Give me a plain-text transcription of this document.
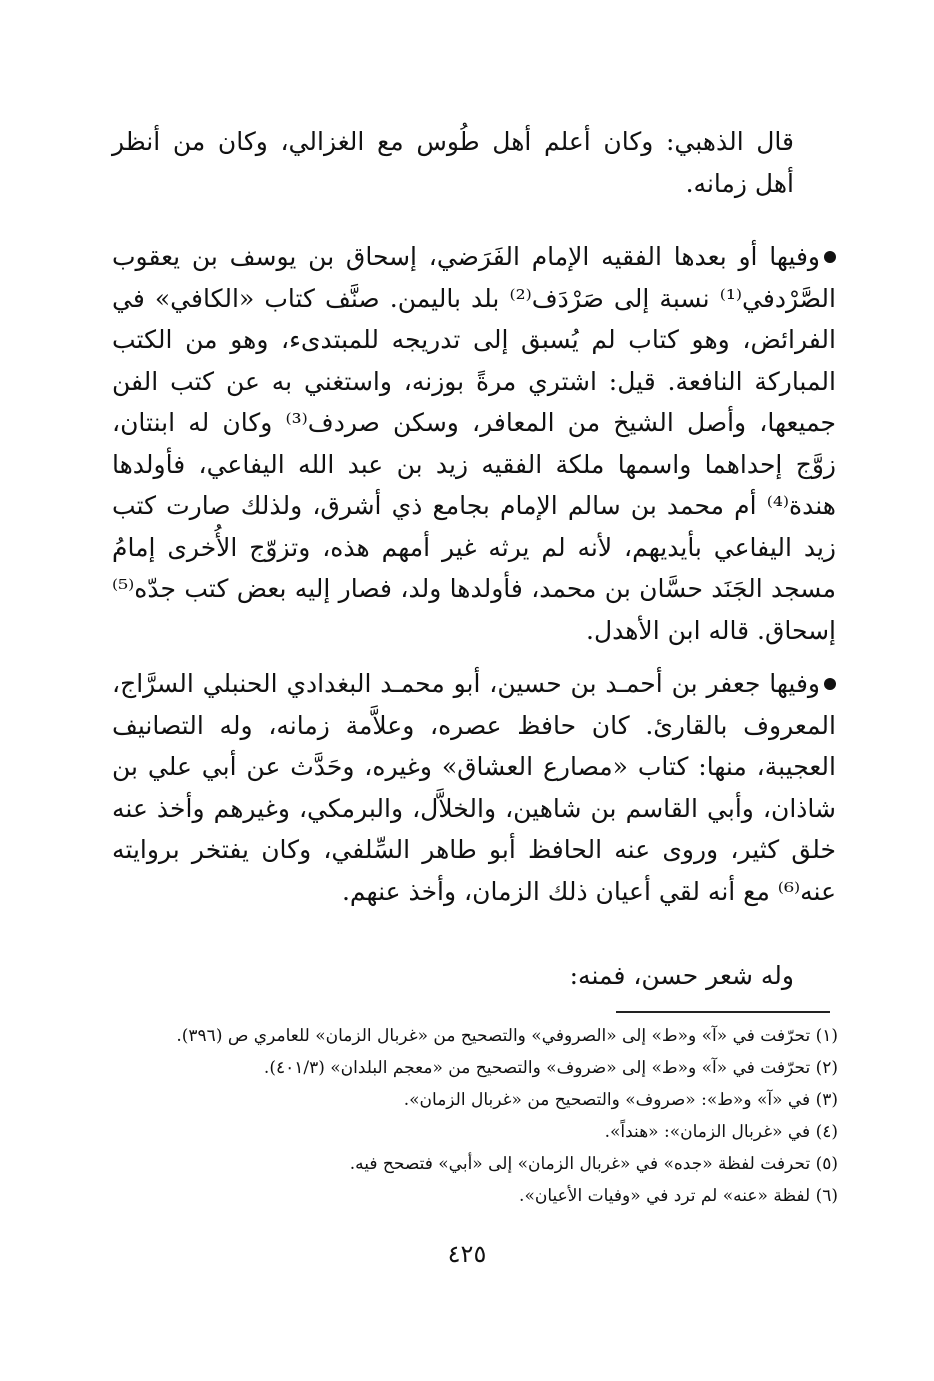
قال الذهبي: وكان أعلم أهل طُوس مع الغزالي، وكان من أنظر أهل زمانه.

وفيها أو بعدها الفقيه الإمام الفَرَضي، إسحاق بن يوسف بن يعقوب الصَّرْدفي⁽¹⁾ نسبة إلى صَرْدَف⁽²⁾ بلد باليمن. صنَّف كتاب «الكافي» في الفرائض، وهو كتاب لم يُسبق إلى تدريجه للمبتدىء، وهو من الكتب المباركة النافعة. قيل: اشتري مرةً بوزنه، واستغني به عن كتب الفن جميعها، وأصل الشيخ من المعافر، وسكن صردف⁽³⁾ وكان له ابنتان، زوَّج إحداهما واسمها ملكة الفقيه زيد بن عبد الله اليفاعي، فأولدها هندة⁽⁴⁾ أم محمد بن سالم الإمام بجامع ذي أشرق، ولذلك صارت كتب زيد اليفاعي بأيديهم، لأنه لم يرثه غير أمهم هذه، وتزوّج الأُخرى إمامُ مسجد الجَنَد حسَّان بن محمد، فأولدها ولد، فصار إليه بعض كتب جدّه⁽⁵⁾ إسحاق. قاله ابن الأهدل.

وفيها جعفر بن أحمـد بن حسين، أبو محمـد البغدادي الحنبلي السرَّاج، المعروف بالقارئ. كان حافظ عصره، وعلاَّمة زمانه، وله التصانيف العجيبة، منها: كتاب «مصارع العشاق» وغيره، وحَدَّث عن أبي علي بن شاذان، وأبي القاسم بن شاهين، والخلاَّل، والبرمكي، وغيرهم وأخذ عنه خلق كثير، وروى عنه الحافظ أبو طاهر السِّلفي، وكان يفتخر بروايته عنه⁽⁶⁾ مع أنه لقي أعيان ذلك الزمان، وأخذ عنهم.

وله شعر حسن، فمنه:

(١) تحرّفت في «آ» و«ط» إلى «الصروفي» والتصحيح من «غربال الزمان» للعامري ص (٣٩٦).

(٢) تحرّفت في «آ» و«ط» إلى «ضروف» والتصحيح من «معجم البلدان» (٤٠١/٣).

(٣) في «آ» و«ط»: «صروف» والتصحيح من «غربال الزمان».

(٤) في «غربال الزمان»: «هنداً».

(٥) تحرفت لفظة «جده» في «غربال الزمان» إلى «أبي» فتصحح فيه.

(٦) لفظة «عنه» لم ترد في «وفيات الأعيان».

٤٢٥
